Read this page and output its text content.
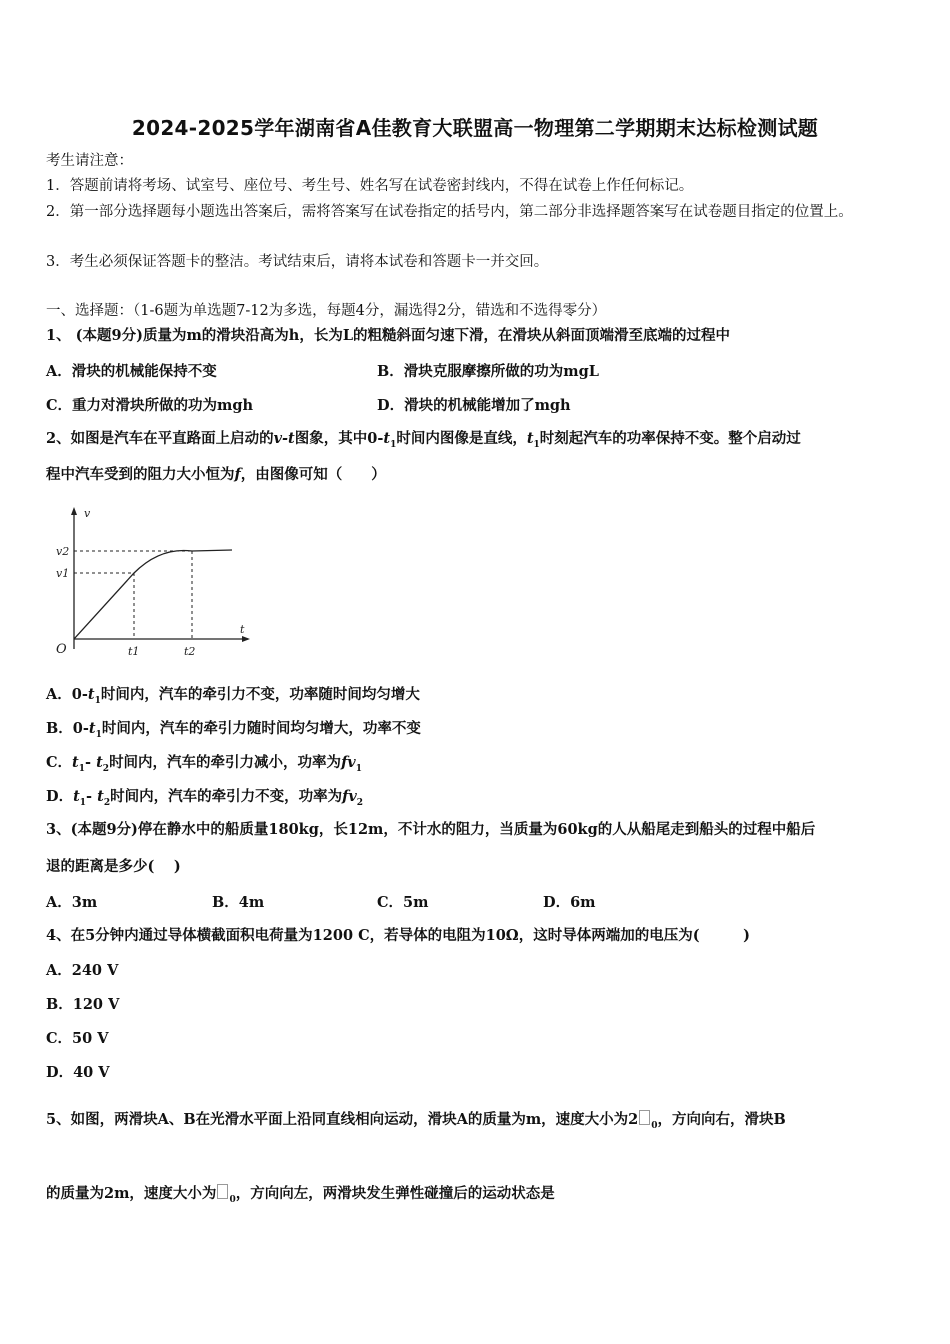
2024-2025学年湖南省A佳教育大联盟高一物理第二学期期末达标检测试题
考生请注意：
1．答题前请将考场、试室号、座位号、考生号、姓名写在试卷密封线内，不得在试卷上作任何标记。
2．第一部分选择题每小题选出答案后，需将答案写在试卷指定的括号内，第二部分非选择题答案写在试卷题目指定的位置上。
3．考生必须保证答题卡的整洁。考试结束后，请将本试卷和答题卡一并交回。
一、选择题：（1-6题为单选题7-12为多选，每题4分，漏选得2分，错选和不选得零分）
1、 (本题9分)质量为m的滑块沿高为h，长为L的粗糙斜面匀速下滑，在滑块从斜面顶端滑至底端的过程中
A．滑块的机械能保持不变	B．滑块克服摩擦所做的功为mgL
C．重力对滑块所做的功为mgh	D．滑块的机械能增加了mgh
2、如图是汽车在平直路面上启动的v-t图象，其中$0-t_1$时间内图像是直线，$t_1$时刻起汽车的功率保持不变。整个启动过
程中汽车受到的阻力大小恒为f，由图像可知（　　）
v
t
O
v1
v2
t1	t2
A．$0-t_1$时间内，汽车的牵引力不变，功率随时间均匀增大
B．$0-t_1$时间内，汽车的牵引力随时间均匀增大，功率不变
C．$t_1-$ $t_2$时间内，汽车的牵引力减小，功率为$fv_1$
D．$t_1-$ $t_2$时间内，汽车的牵引力不变，功率为$fv_2$
3、(本题9分)停在静水中的船质量180kg，长12m，不计水的阻力，当质量为60kg的人从船尾走到船头的过程中船后
退的距离是多少(　 )
A．3m	B．4m	C．5m	D．6m
4、在5分钟内通过导体横截面积电荷量为1200 C，若导体的电阻为10Ω，这时导体两端加的电压为(　　　)
A．240 V
B．120 V
C．50 V
D．40 V
5、如图，两滑块A、B在光滑水平面上沿同直线相向运动，滑块A的质量为m，速度大小为2 $_0$，方向向右，滑块B
的质量为2m，速度大小为 $_0$，方向向左，两滑块发生弹性碰撞后的运动状态是
